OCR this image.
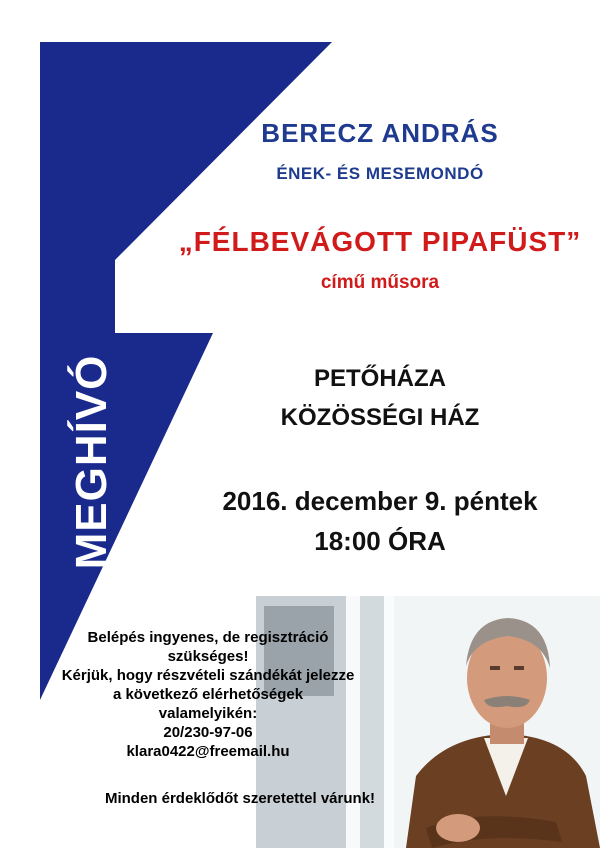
MEGHÍVÓ
BERECZ ANDRÁS
ÉNEK- ÉS MESEMONDÓ
„FÉLBEVÁGOTT PIPAFÜST”
című műsora
PETŐHÁZA
KÖZÖSSÉGI HÁZ
2016. december 9. péntek
18:00 ÓRA
Belépés ingyenes, de regisztráció
szükséges!
Kérjük, hogy részvételi szándékát jelezze
a következő elérhetőségek
valamelyikén:
20/230-97-06
klara0422@freemail.hu
Minden érdeklődőt szeretettel várunk!
